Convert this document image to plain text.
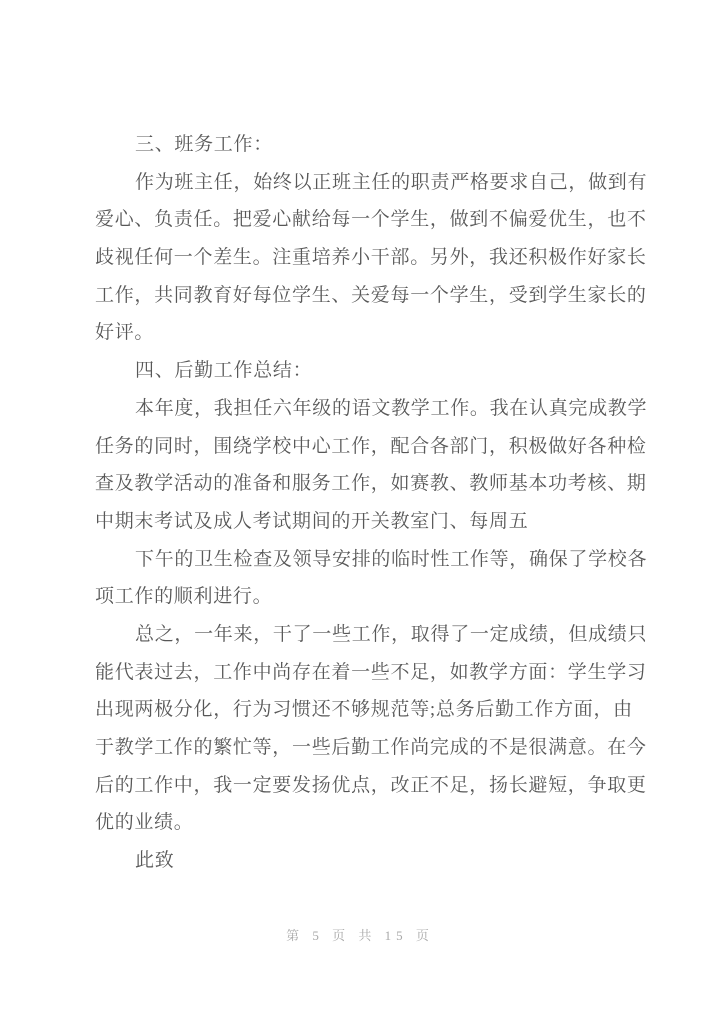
三、班务工作：
作为班主任，始终以正班主任的职责严格要求自己，做到有
爱心、负责任。把爱心献给每一个学生，做到不偏爱优生，也不
歧视任何一个差生。注重培养小干部。另外，我还积极作好家长
工作，共同教育好每位学生、关爱每一个学生，受到学生家长的
好评。
四、后勤工作总结：
本年度，我担任六年级的语文教学工作。我在认真完成教学
任务的同时，围绕学校中心工作，配合各部门，积极做好各种检
查及教学活动的准备和服务工作，如赛教、教师基本功考核、期
中期末考试及成人考试期间的开关教室门、每周五
下午的卫生检查及领导安排的临时性工作等，确保了学校各
项工作的顺利进行。
总之，一年来，干了一些工作，取得了一定成绩，但成绩只
能代表过去，工作中尚存在着一些不足，如教学方面：学生学习
出现两极分化，行为习惯还不够规范等;总务后勤工作方面，由
于教学工作的繁忙等，一些后勤工作尚完成的不是很满意。在今
后的工作中，我一定要发扬优点，改正不足，扬长避短，争取更
优的业绩。
此致
第 5 页 共 15 页
